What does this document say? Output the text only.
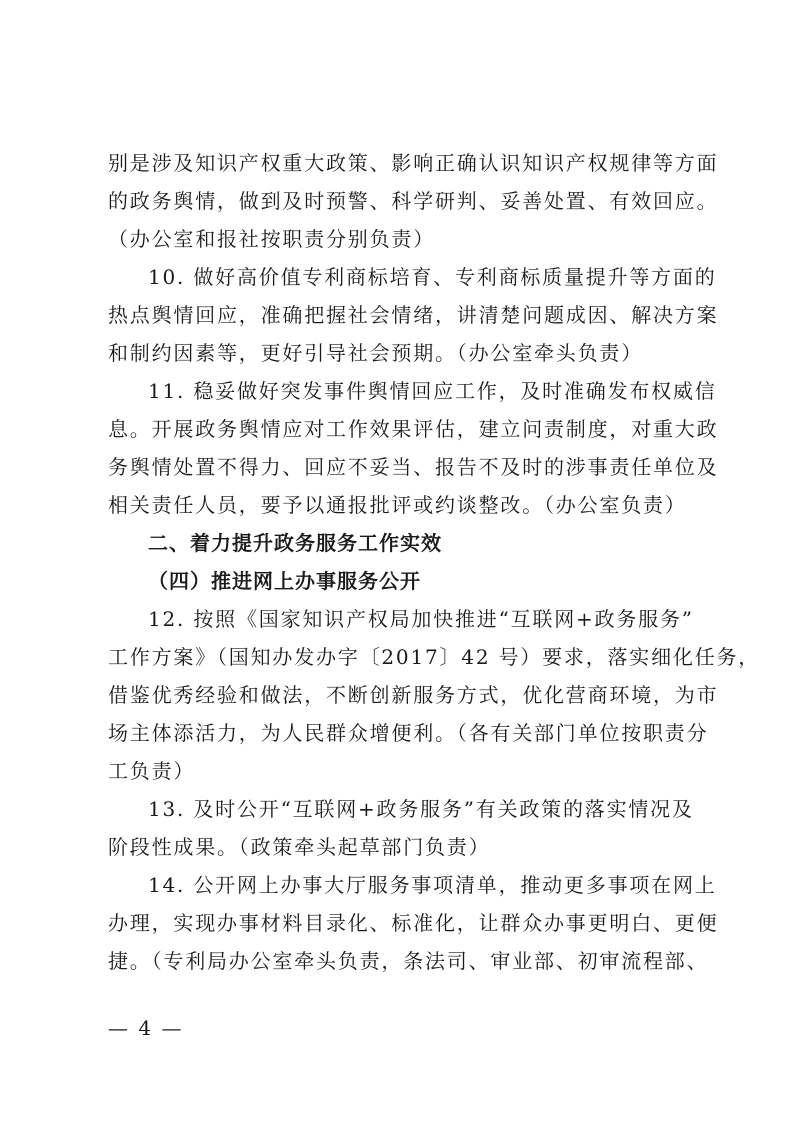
别是涉及知识产权重大政策、影响正确认识知识产权规律等方面
的政务舆情，做到及时预警、科学研判、妥善处置、有效回应。
（办公室和报社按职责分别负责）
10. 做好高价值专利商标培育、专利商标质量提升等方面的
热点舆情回应，准确把握社会情绪，讲清楚问题成因、解决方案
和制约因素等，更好引导社会预期。（办公室牵头负责）
11. 稳妥做好突发事件舆情回应工作，及时准确发布权威信
息。开展政务舆情应对工作效果评估，建立问责制度，对重大政
务舆情处置不得力、回应不妥当、报告不及时的涉事责任单位及
相关责任人员，要予以通报批评或约谈整改。（办公室负责）
二、着力提升政务服务工作实效
（四）推进网上办事服务公开
12. 按照《国家知识产权局加快推进“互联网+政务服务”
工作方案》（国知办发办字〔2017〕42 号）要求，落实细化任务，
借鉴优秀经验和做法，不断创新服务方式，优化营商环境，为市
场主体添活力，为人民群众增便利。（各有关部门单位按职责分
工负责）
13. 及时公开“互联网+政务服务”有关政策的落实情况及
阶段性成果。（政策牵头起草部门负责）
14. 公开网上办事大厅服务事项清单，推动更多事项在网上
办理，实现办事材料目录化、标准化，让群众办事更明白、更便
捷。（专利局办公室牵头负责，条法司、审业部、初审流程部、
— 4 —
